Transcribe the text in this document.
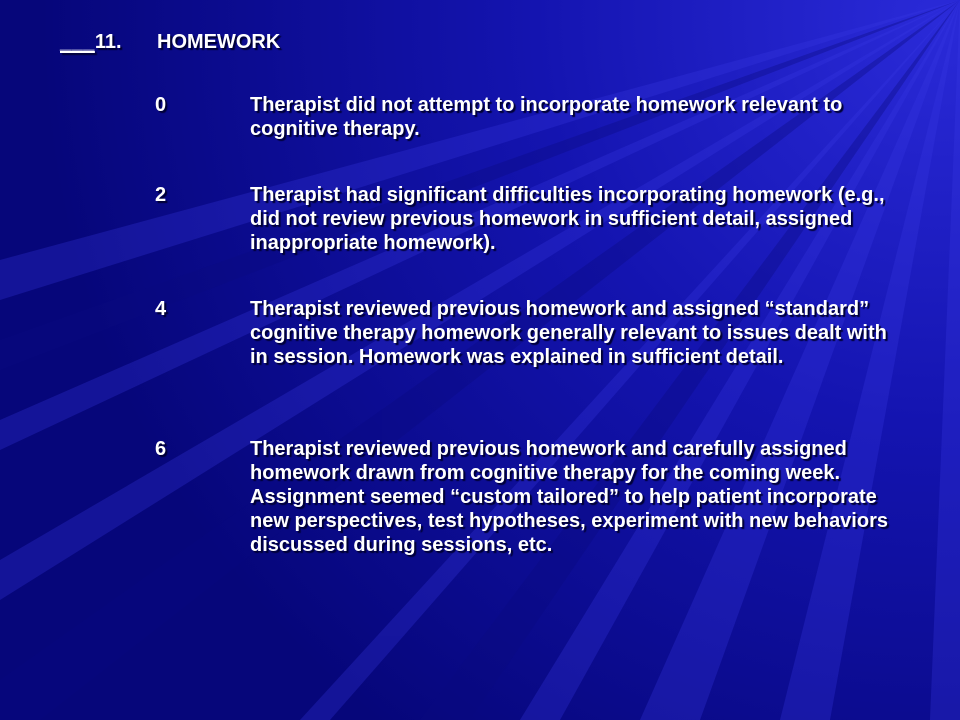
___11. HOMEWORK
0	Therapist did not attempt to incorporate homework relevant to cognitive therapy.
2	Therapist had significant difficulties incorporating homework (e.g., did not review previous homework in sufficient detail, assigned inappropriate homework).
4	Therapist reviewed previous homework and assigned “standard” cognitive therapy homework generally relevant to issues dealt with in session. Homework was explained in sufficient detail.
6	Therapist reviewed previous homework and carefully assigned homework drawn from cognitive therapy for the coming week. Assignment seemed “custom tailored” to help patient incorporate new perspectives, test hypotheses, experiment with new behaviors discussed during sessions, etc.
